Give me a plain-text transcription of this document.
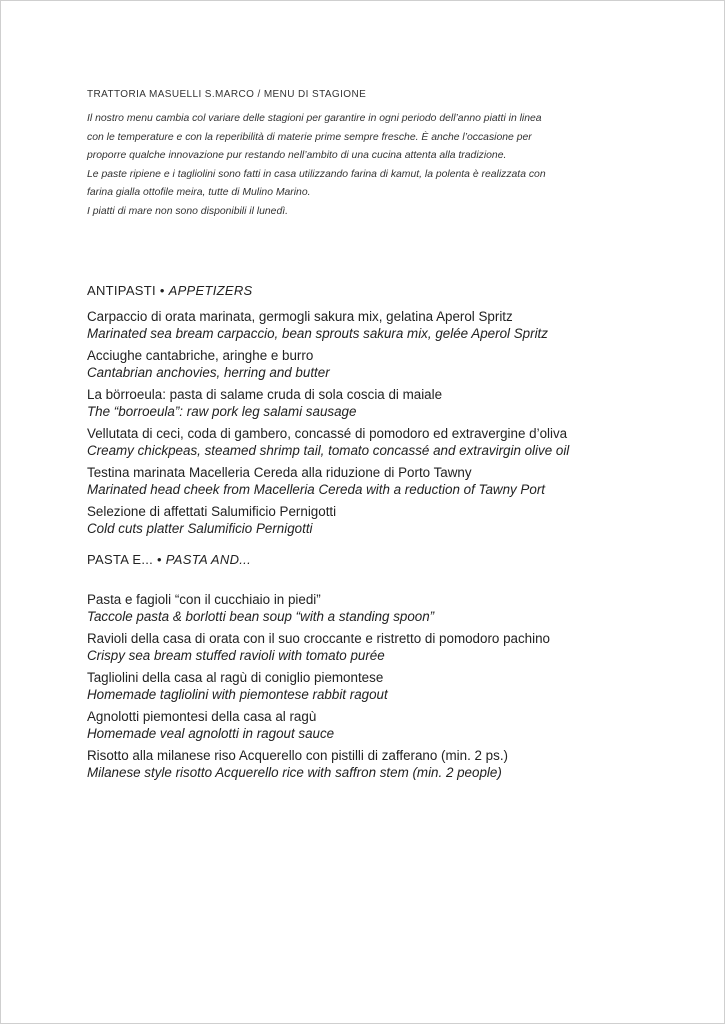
TRATTORIA MASUELLI S.MARCO / MENU DI STAGIONE

Il nostro menu cambia col variare delle stagioni per garantire in ogni periodo dell’anno piatti in linea

con le temperature e con la reperibilità di materie prime sempre fresche. È anche l’occasione per

proporre qualche innovazione pur restando nell’ambito di una cucina attenta alla tradizione.

Le paste ripiene e i tagliolini sono fatti in casa utilizzando farina di kamut, la polenta è realizzata con

farina gialla ottofile meira, tutte di Mulino Marino.

I piatti di mare non sono disponibili il lunedì.

ANTIPASTI • APPETIZERS
Carpaccio di orata marinata, germogli sakura mix, gelatina Aperol Spritz
Marinated sea bream carpaccio, bean sprouts sakura mix, gelée Aperol Spritz
Acciughe cantabriche, aringhe e burro
Cantabrian anchovies, herring and butter
La börroeula: pasta di salame cruda di sola coscia di maiale
The “borroeula”: raw pork leg salami sausage
Vellutata di ceci, coda di gambero, concassé di pomodoro ed extravergine d’oliva
Creamy chickpeas, steamed shrimp tail, tomato concassé and extravirgin olive oil
Testina marinata Macelleria Cereda alla riduzione di Porto Tawny
Marinated head cheek from Macelleria Cereda with a reduction of Tawny Port
Selezione di affettati Salumificio Pernigotti
Cold cuts platter Salumificio Pernigotti
PASTA E... • PASTA AND...
Pasta e fagioli “con il cucchiaio in piedi”
Taccole pasta & borlotti bean soup “with a standing spoon”
Ravioli della casa di orata con il suo croccante e ristretto di pomodoro pachino
Crispy sea bream stuffed ravioli with tomato purée
Tagliolini della casa al ragù di coniglio piemontese
Homemade tagliolini with piemontese rabbit ragout
Agnolotti piemontesi della casa al ragù
Homemade veal agnolotti in ragout sauce
Risotto alla milanese riso Acquerello con pistilli di zafferano (min. 2 ps.)
Milanese style risotto Acquerello rice with saffron stem (min. 2 people)
